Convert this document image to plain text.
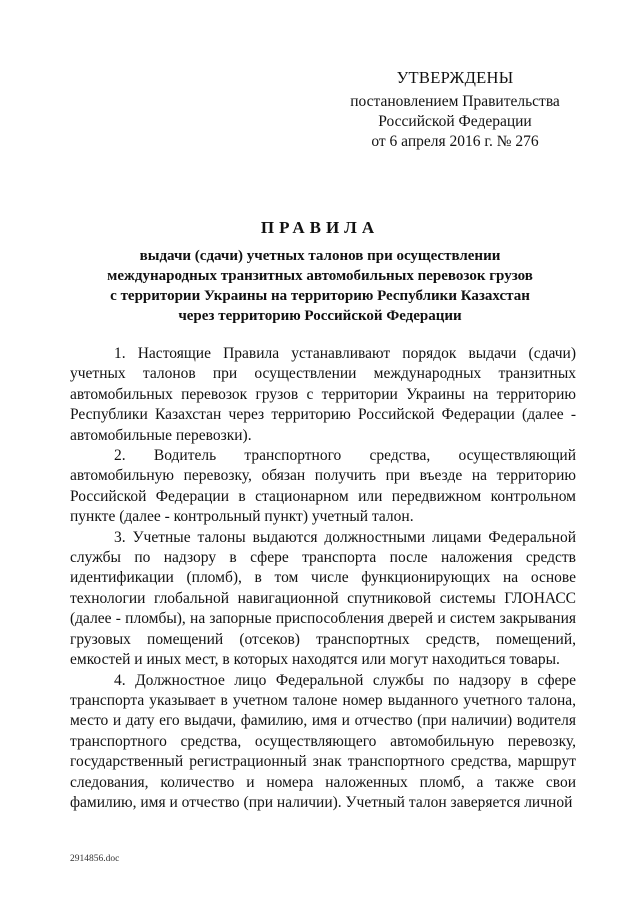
УТВЕРЖДЕНЫ
постановлением Правительства
Российской Федерации
от 6 апреля 2016 г. № 276
ПРАВИЛА
выдачи (сдачи) учетных талонов при осуществлении
международных транзитных автомобильных перевозок грузов
с территории Украины на территорию Республики Казахстан
через территорию Российской Федерации

1. Настоящие Правила устанавливают порядок выдачи (сдачи) учетных талонов при осуществлении международных транзитных автомобильных перевозок грузов с территории Украины на территорию Республики Казахстан через территорию Российской Федерации (далее - автомобильные перевозки).

2. Водитель транспортного средства, осуществляющий автомобильную перевозку, обязан получить при въезде на территорию Российской Федерации в стационарном или передвижном контрольном пункте (далее - контрольный пункт) учетный талон.

3. Учетные талоны выдаются должностными лицами Федеральной службы по надзору в сфере транспорта после наложения средств идентификации (пломб), в том числе функционирующих на основе технологии глобальной навигационной спутниковой системы ГЛОНАСС (далее - пломбы), на запорные приспособления дверей и систем закрывания грузовых помещений (отсеков) транспортных средств, помещений, емкостей и иных мест, в которых находятся или могут находиться товары.

4. Должностное лицо Федеральной службы по надзору в сфере транспорта указывает в учетном талоне номер выданного учетного талона, место и дату его выдачи, фамилию, имя и отчество (при наличии) водителя транспортного средства, осуществляющего автомобильную перевозку, государственный регистрационный знак транспортного средства, маршрут следования, количество и номера наложенных пломб, а также свои фамилию, имя и отчество (при наличии). Учетный талон заверяется личной

2914856.doc
